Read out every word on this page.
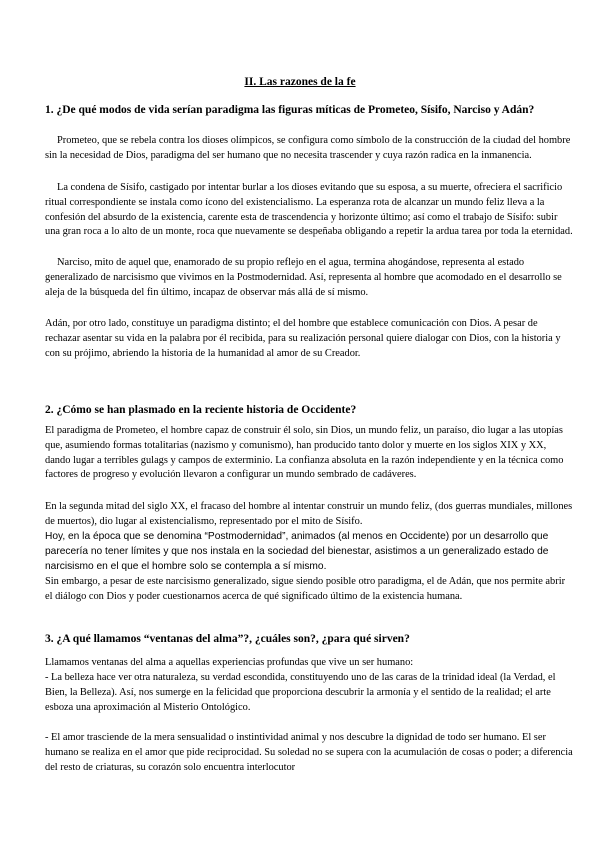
II. Las razones de la fe
1. ¿De qué modos de vida serían paradigma las figuras míticas de Prometeo, Sísifo, Narciso y Adán?

Prometeo, que se rebela contra los dioses olímpicos, se configura como símbolo de la construcción de la ciudad del hombre sin la necesidad de Dios, paradigma del ser humano que no necesita trascender y cuya razón radica en la inmanencia.

La condena de Sísifo, castigado por intentar burlar a los dioses evitando que su esposa, a su muerte, ofreciera el sacrificio ritual correspondiente se instala como ícono del existencialismo. La esperanza rota de alcanzar un mundo feliz lleva a la confesión del absurdo de la existencia, carente esta de trascendencia y horizonte último; así como el trabajo de Sísifo: subir una gran roca a lo alto de un monte, roca que nuevamente se despeñaba obligando a repetir la ardua tarea por toda la eternidad.

Narciso, mito de aquel que, enamorado de su propio reflejo en el agua, termina ahogándose, representa al estado generalizado de narcisismo que vivimos en la Postmodernidad. Así, representa al hombre que acomodado en el desarrollo se aleja de la búsqueda del fin último, incapaz de observar más allá de sí mismo.

Adán, por otro lado, constituye un paradigma distinto; el del hombre que establece comunicación con Dios. A pesar de rechazar asentar su vida en la palabra por él recibida, para su realización personal quiere dialogar con Dios, con la historia y con su prójimo, abriendo la historia de la humanidad al amor de su Creador.

2. ¿Cómo se han plasmado en la reciente historia de Occidente?

El paradigma de Prometeo, el hombre capaz de construir él solo, sin Dios, un mundo feliz, un paraíso, dio lugar a las utopías que, asumiendo formas totalitarias (nazismo y comunismo), han producido tanto dolor y muerte en los siglos XIX y XX, dando lugar a terribles gulags y campos de exterminio. La confianza absoluta en la razón independiente y en la técnica como factores de progreso y evolución llevaron a configurar un mundo sembrado de cadáveres.

En la segunda mitad del siglo XX, el fracaso del hombre al intentar construir un mundo feliz, (dos guerras mundiales, millones de muertos), dio lugar al existencialismo, representado por el mito de Sísifo.

Hoy, en la época que se denomina “Postmodernidad”, animados (al menos en Occidente) por un desarrollo que parecería no tener límites y que nos instala en la sociedad del bienestar, asistimos a un generalizado estado de narcisismo en el que el hombre solo se contempla a sí mismo.

Sin embargo, a pesar de este narcisismo generalizado, sigue siendo posible otro paradigma, el de Adán, que nos permite abrir el diálogo con Dios y poder cuestionarnos acerca de qué significado último de la existencia humana.

3. ¿A qué llamamos “ventanas del alma”?, ¿cuáles son?, ¿para qué sirven?

Llamamos ventanas del alma a aquellas experiencias profundas que vive un ser humano:

- La belleza hace ver otra naturaleza, su verdad escondida, constituyendo uno de las caras de la trinidad ideal (la Verdad, el Bien, la Belleza). Así, nos sumerge en la felicidad que proporciona descubrir la armonía y el sentido de la realidad; el arte esboza una aproximación al Misterio Ontológico.

- El amor trasciende de la mera sensualidad o instintividad animal y nos descubre la dignidad de todo ser humano. El ser humano se realiza en el amor que pide reciprocidad. Su soledad no se supera con la acumulación de cosas o poder; a diferencia del resto de criaturas, su corazón solo encuentra interlocutor
